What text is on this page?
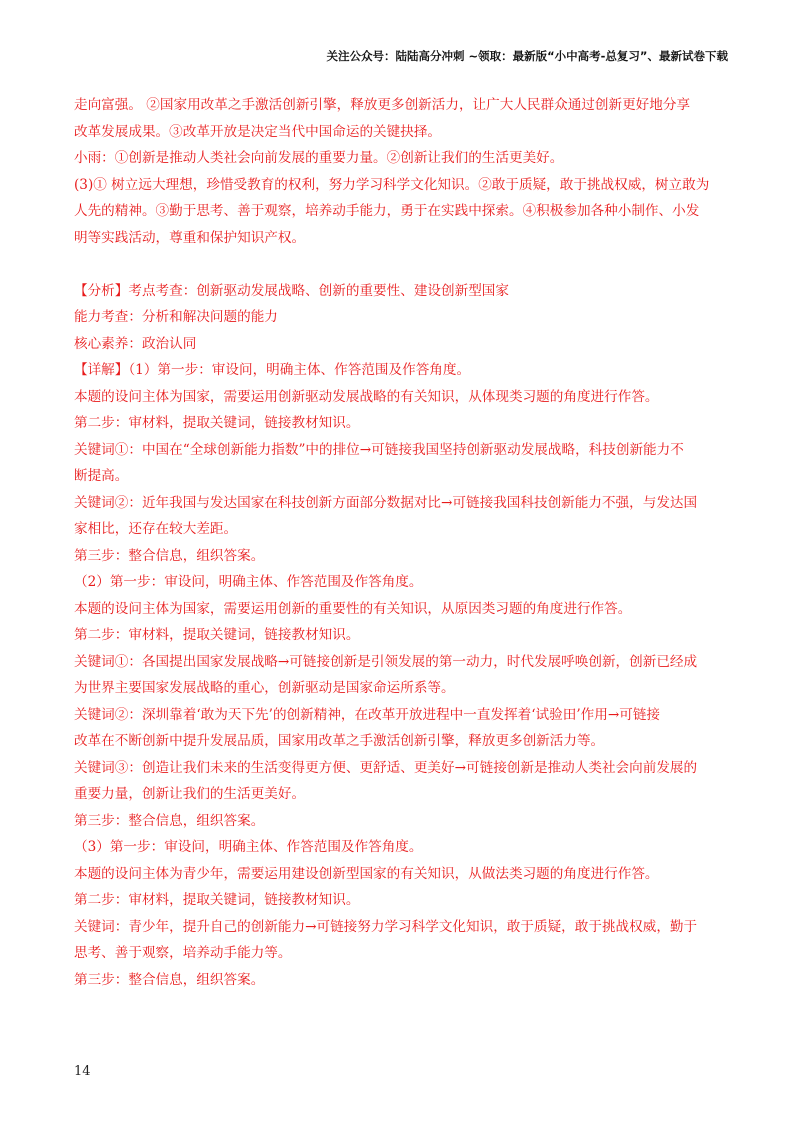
关注公众号：陆陆高分冲刺 ~领取：最新版“小中高考-总复习”、最新试卷下载
走向富强。 ②国家用改革之手激活创新引擎，释放更多创新活力，让广大人民群众通过创新更好地分享
改革发展成果。③改革开放是决定当代中国命运的关键抉择。
小雨：①创新是推动人类社会向前发展的重要力量。②创新让我们的生活更美好。
(3)① 树立远大理想，珍惜受教育的权利，努力学习科学文化知识。②敢于质疑，敢于挑战权威，树立敢为
人先的精神。③勤于思考、善于观察，培养动手能力，勇于在实践中探索。④积极参加各种小制作、小发
明等实践活动，尊重和保护知识产权。
【分析】考点考查：创新驱动发展战略、创新的重要性、建设创新型国家
能力考查：分析和解决问题的能力
核心素养：政治认同
【详解】（1）第一步：审设问，明确主体、作答范围及作答角度。
本题的设问主体为国家，需要运用创新驱动发展战略的有关知识，从体现类习题的角度进行作答。
第二步：审材料，提取关键词，链接教材知识。
关键词①：中国在“全球创新能力指数”中的排位→可链接我国坚持创新驱动发展战略，科技创新能力不
断提高。
关键词②：近年我国与发达国家在科技创新方面部分数据对比→可链接我国科技创新能力不强，与发达国
家相比，还存在较大差距。
第三步：整合信息，组织答案。
（2）第一步：审设问，明确主体、作答范围及作答角度。
本题的设问主体为国家，需要运用创新的重要性的有关知识，从原因类习题的角度进行作答。
第二步：审材料，提取关键词，链接教材知识。
关键词①：各国提出国家发展战略→可链接创新是引领发展的第一动力，时代发展呼唤创新，创新已经成
为世界主要国家发展战略的重心，创新驱动是国家命运所系等。
关键词②：深圳靠着‘敢为天下先’的创新精神，在改革开放进程中一直发挥着‘试验田’作用→可链接
改革在不断创新中提升发展品质，国家用改革之手激活创新引擎，释放更多创新活力等。
关键词③：创造让我们未来的生活变得更方便、更舒适、更美好→可链接创新是推动人类社会向前发展的
重要力量，创新让我们的生活更美好。
第三步：整合信息，组织答案。
（3）第一步：审设问，明确主体、作答范围及作答角度。
本题的设问主体为青少年，需要运用建设创新型国家的有关知识，从做法类习题的角度进行作答。
第二步：审材料，提取关键词，链接教材知识。
关键词：青少年，提升自己的创新能力→可链接努力学习科学文化知识，敢于质疑，敢于挑战权威，勤于
思考、善于观察，培养动手能力等。
第三步：整合信息，组织答案。
14
